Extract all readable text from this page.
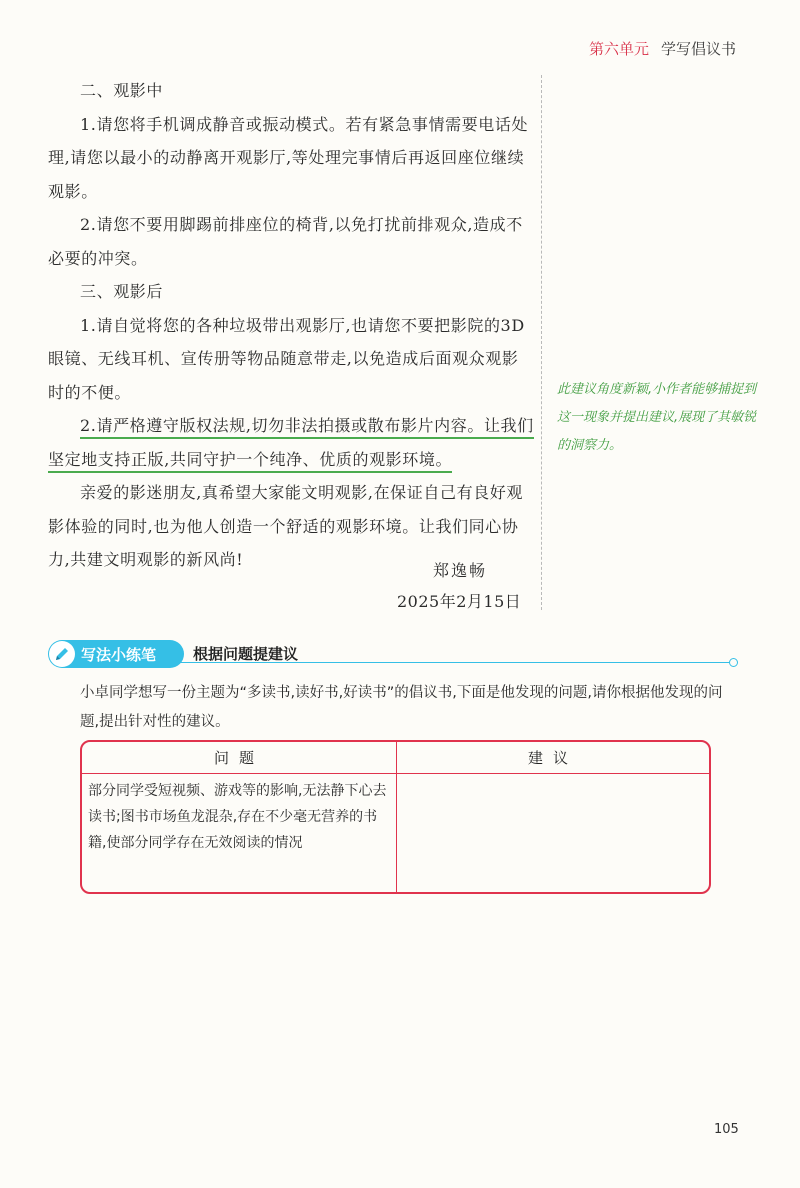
第六单元 学写倡议书

二、观影中

1.请您将手机调成静音或振动模式。若有紧急事情需要电话处理,请您以最小的动静离开观影厅,等处理完事情后再返回座位继续观影。

2.请您不要用脚踢前排座位的椅背,以免打扰前排观众,造成不必要的冲突。

三、观影后

1.请自觉将您的各种垃圾带出观影厅,也请您不要把影院的3D眼镜、无线耳机、宣传册等物品随意带走,以免造成后面观众观影时的不便。

2.请严格遵守版权法规,切勿非法拍摄或散布影片内容。让我们坚定地支持正版,共同守护一个纯净、优质的观影环境。

亲爱的影迷朋友,真希望大家能文明观影,在保证自己有良好观影体验的同时,也为他人创造一个舒适的观影环境。让我们同心协力,共建文明观影的新风尚!

郑逸畅
2025年2月15日
此建议角度新颖,小作者能够捕捉到这一现象并提出建议,展现了其敏锐的洞察力。
写法小练笔 根据问题提建议
小卓同学想写一份主题为“多读书,读好书,好读书”的倡议书,下面是他发现的问题,请你根据他发现的问题,提出针对性的建议。
问题	建议
部分同学受短视频、游戏等的影响,无法静下心去读书;图书市场鱼龙混杂,存在不少毫无营养的书籍,使部分同学存在无效阅读的情况
105
